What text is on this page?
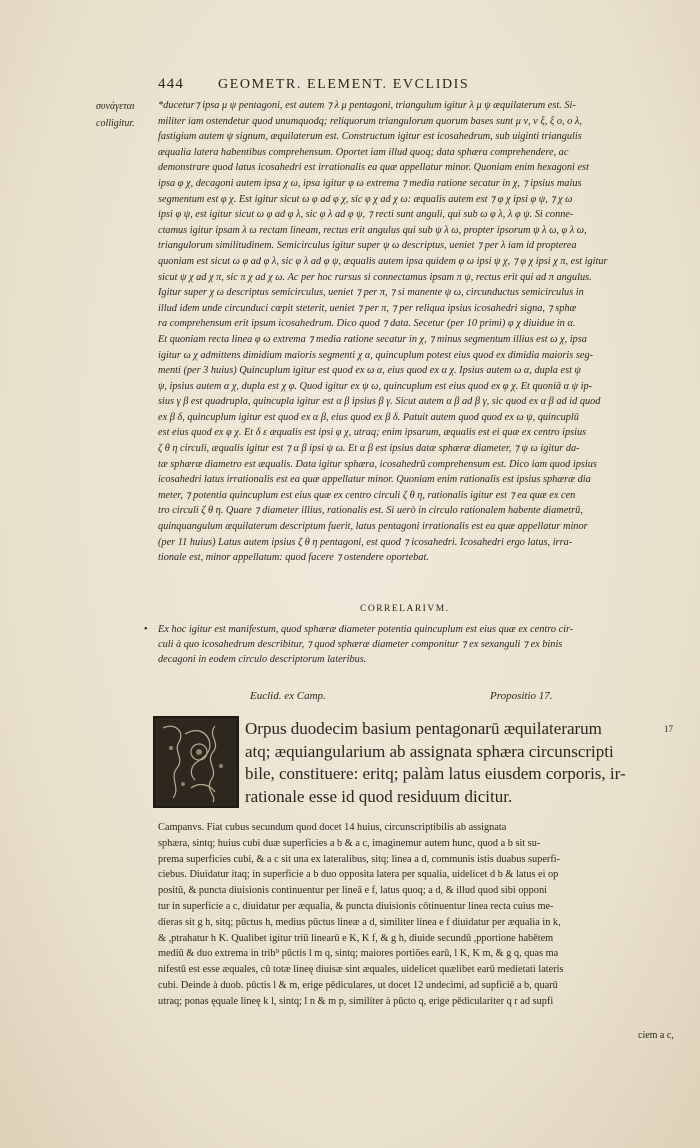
444	GEOMETR. ELEMENT. EVCLIDIS
συνάγεται
colligitur.

*ducetur⁊ ipsa μ ψ pentagoni, est autem ⁊ λ μ pentagoni, triangulum igitur λ μ ψ æquilaterum est. Si-

militer iam ostendetur quod unumquodq; reliquorum triangulorum quorum bases sunt μ ν, ν ξ, ξ ο, ο λ,

fastigium autem ψ signum, æquilaterum est. Constructum igitur est icosahedrum, sub uiginti triangulis

æqualia latera habentibus comprehensum. Oportet iam illud quoq; data sphæra comprehendere, ac

demonstrare quod latus icosahedri est irrationalis ea quæ appellatur minor. Quoniam enim hexagoni est

ipsa φ χ, decagoni autem ipsa χ ω, ipsa igitur φ ω extrema ⁊ media ratione secatur in χ, ⁊ ipsius maius

segmentum est φ χ. Est igitur sicut ω φ ad φ χ, sic φ χ ad χ ω: æqualis autem est ⁊ φ χ ipsi φ ψ, ⁊ χ ω

ipsi φ ψ, est igitur sicut ω φ ad φ λ, sic φ λ ad φ ψ, ⁊ recti sunt anguli, qui sub ω φ λ, λ φ ψ. Si conne-

ctamus igitur ipsam λ ω rectam lineam, rectus erit angulus qui sub ψ λ ω, propter ipsorum ψ λ ω, φ λ ω,

triangulorum similitudinem. Semicirculus igitur super ψ ω descriptus, ueniet ⁊ per λ iam id propterea

quoniam est sicut ω φ ad φ λ, sic φ λ ad φ ψ, æqualis autem ipsa quidem φ ω ipsi ψ χ, ⁊ φ χ ipsi χ π, est igitur

sicut ψ χ ad χ π, sic π χ ad χ ω. Ac per hoc rursus si connectamus ipsam π ψ, rectus erit qui ad π angulus.

Igitur super χ ω descriptus semicirculus, ueniet ⁊ per π, ⁊ si manente ψ ω, circunductus semicirculus in

illud idem unde circunduci cœpit steterit, ueniet ⁊ per π, ⁊ per reliqua ipsius icosahedri signa, ⁊ sphæ

ra comprehensum erit ipsum icosahedrum. Dico quod ⁊ data. Secetur (per 10 primi) φ χ diuidue in α.

Et quoniam recta linea φ ω extrema ⁊ media ratione secatur in χ, ⁊ minus segmentum illius est ω χ, ipsa

igitur ω χ admittens dimidium maioris segmenti χ α, quincuplum potest eius quod ex dimidia maioris seg-

menti (per 3 huius) Quincuplum igitur est quod ex ω α, eius quod ex α χ. Ipsius autem ω α, dupla est ψ

ψ, ipsius autem α χ, dupla est χ φ. Quod igitur ex ψ ω, quincuplum est eius quod ex φ χ. Et quoniā α ψ ip-

sius γ β est quadrupla, quincupla igitur est α β ipsius β γ. Sicut autem α β ad β γ, sic quod ex α β ad id quod

ex β δ, quincuplum igitur est quod ex α β, eius quod ex β δ. Patuit autem quod quod ex ω ψ, quincuplū

est eius quod ex φ χ. Et δ ε æqualis est ipsi φ χ, utraq; enim ipsarum, æqualis est ei quæ ex centro ipsius

ζ θ η circuli, æqualis igitur est ⁊ α β ipsi ψ ω. Et α β est ipsius datæ sphæræ diameter, ⁊ ψ ω igitur da-

tæ sphæræ diametro est æqualis. Data igitur sphæra, icosahedrū comprehensum est. Dico iam quod ipsius

icosahedri latus irrationalis est ea quæ appellatur minor. Quoniam enim rationalis est ipsius sphæræ dia

meter, ⁊ potentia quincuplum est eius quæ ex centro circuli ζ θ η, rationalis igitur est ⁊ ea quæ ex cen

tro circuli ζ θ η. Quare ⁊ diameter illius, rationalis est. Si uerò in circulo rationalem habente diametrū,

quinquangulum æquilaterum descriptum fuerit, latus pentagoni irrationalis est ea quæ appellatur minor

(per 11 huius) Latus autem ipsius ζ θ η pentagoni, est quod ⁊ icosahedri. Icosahedri ergo latus, irra-

tionale est, minor appellatum: quod facere ⁊ ostendere oportebat.

CORRELARIVM.
• Ex hoc igitur est manifestum, quod sphæræ diameter potentia quincuplum est eius quæ ex centro cir-

culi à quo icosahedrum describitur, ⁊ quod sphæræ diameter componitur ⁊ ex sexanguli ⁊ ex binis

decagoni in eodem circulo descriptorum lateribus.

Euclid. ex Camp.	Propositio 17.

Orpus duodecim basium pentagonarū æquilaterarum

atq; æquiangularium ab assignata sphæra circunscripti

bile, constituere: eritq; palàm latus eiusdem corporis, ir-

rationale esse id quod residuum dicitur.

17

Campanvs. Fiat cubus secundum quod docet 14 huius, circunscriptibilis ab assignata

sphæra, sintq; huius cubi duæ superficies a b & a c, imaginemur autem hunc, quod a b sit su-

prema superficies cubi, & a c sit una ex lateralibus, sitq; linea a d, communis istis duabus superfi-

ciebus. Diuidatur itaq; in superficie a b duo opposita latera per squalia, uidelicet d b & latus ei op

positū, & puncta diuisionis continuentur per lineā e f, latus quoq; a d, & illud quod sibi opponi

tur in superficie a c, diuidatur per æqualia, & puncta diuisionis cōtinuentur linea recta cuius me-

dieras sit g h, sitq; pūctus h, medius pūctus lineæ a d, similiter linea e f diuidatur per æqualia in k,

& ,ptrahatur h K. Qualibet igitur triū linearū e K, K f, & g h, diuide secundū ,pportione habētem

mediū & duo extrema in trib⁹ pūctis l m q, sintq; maiores portiões earū, l K, K m, & g q, quas ma

nifestū est esse æquales, cū totæ lineę diuisæ sint æquales, uidelicet quælibet earū medietati lateris

cubi. Deinde à duob. pūctis l & m, erige pēdiculares, ut docet 12 undecimi, ad supficiē a b, quarū

utraq; ponas ęquale lineę k l, sintq; l n & m p, similiter à pūcto q, erige pēdiculariter q r ad supfi

ciem a c,
